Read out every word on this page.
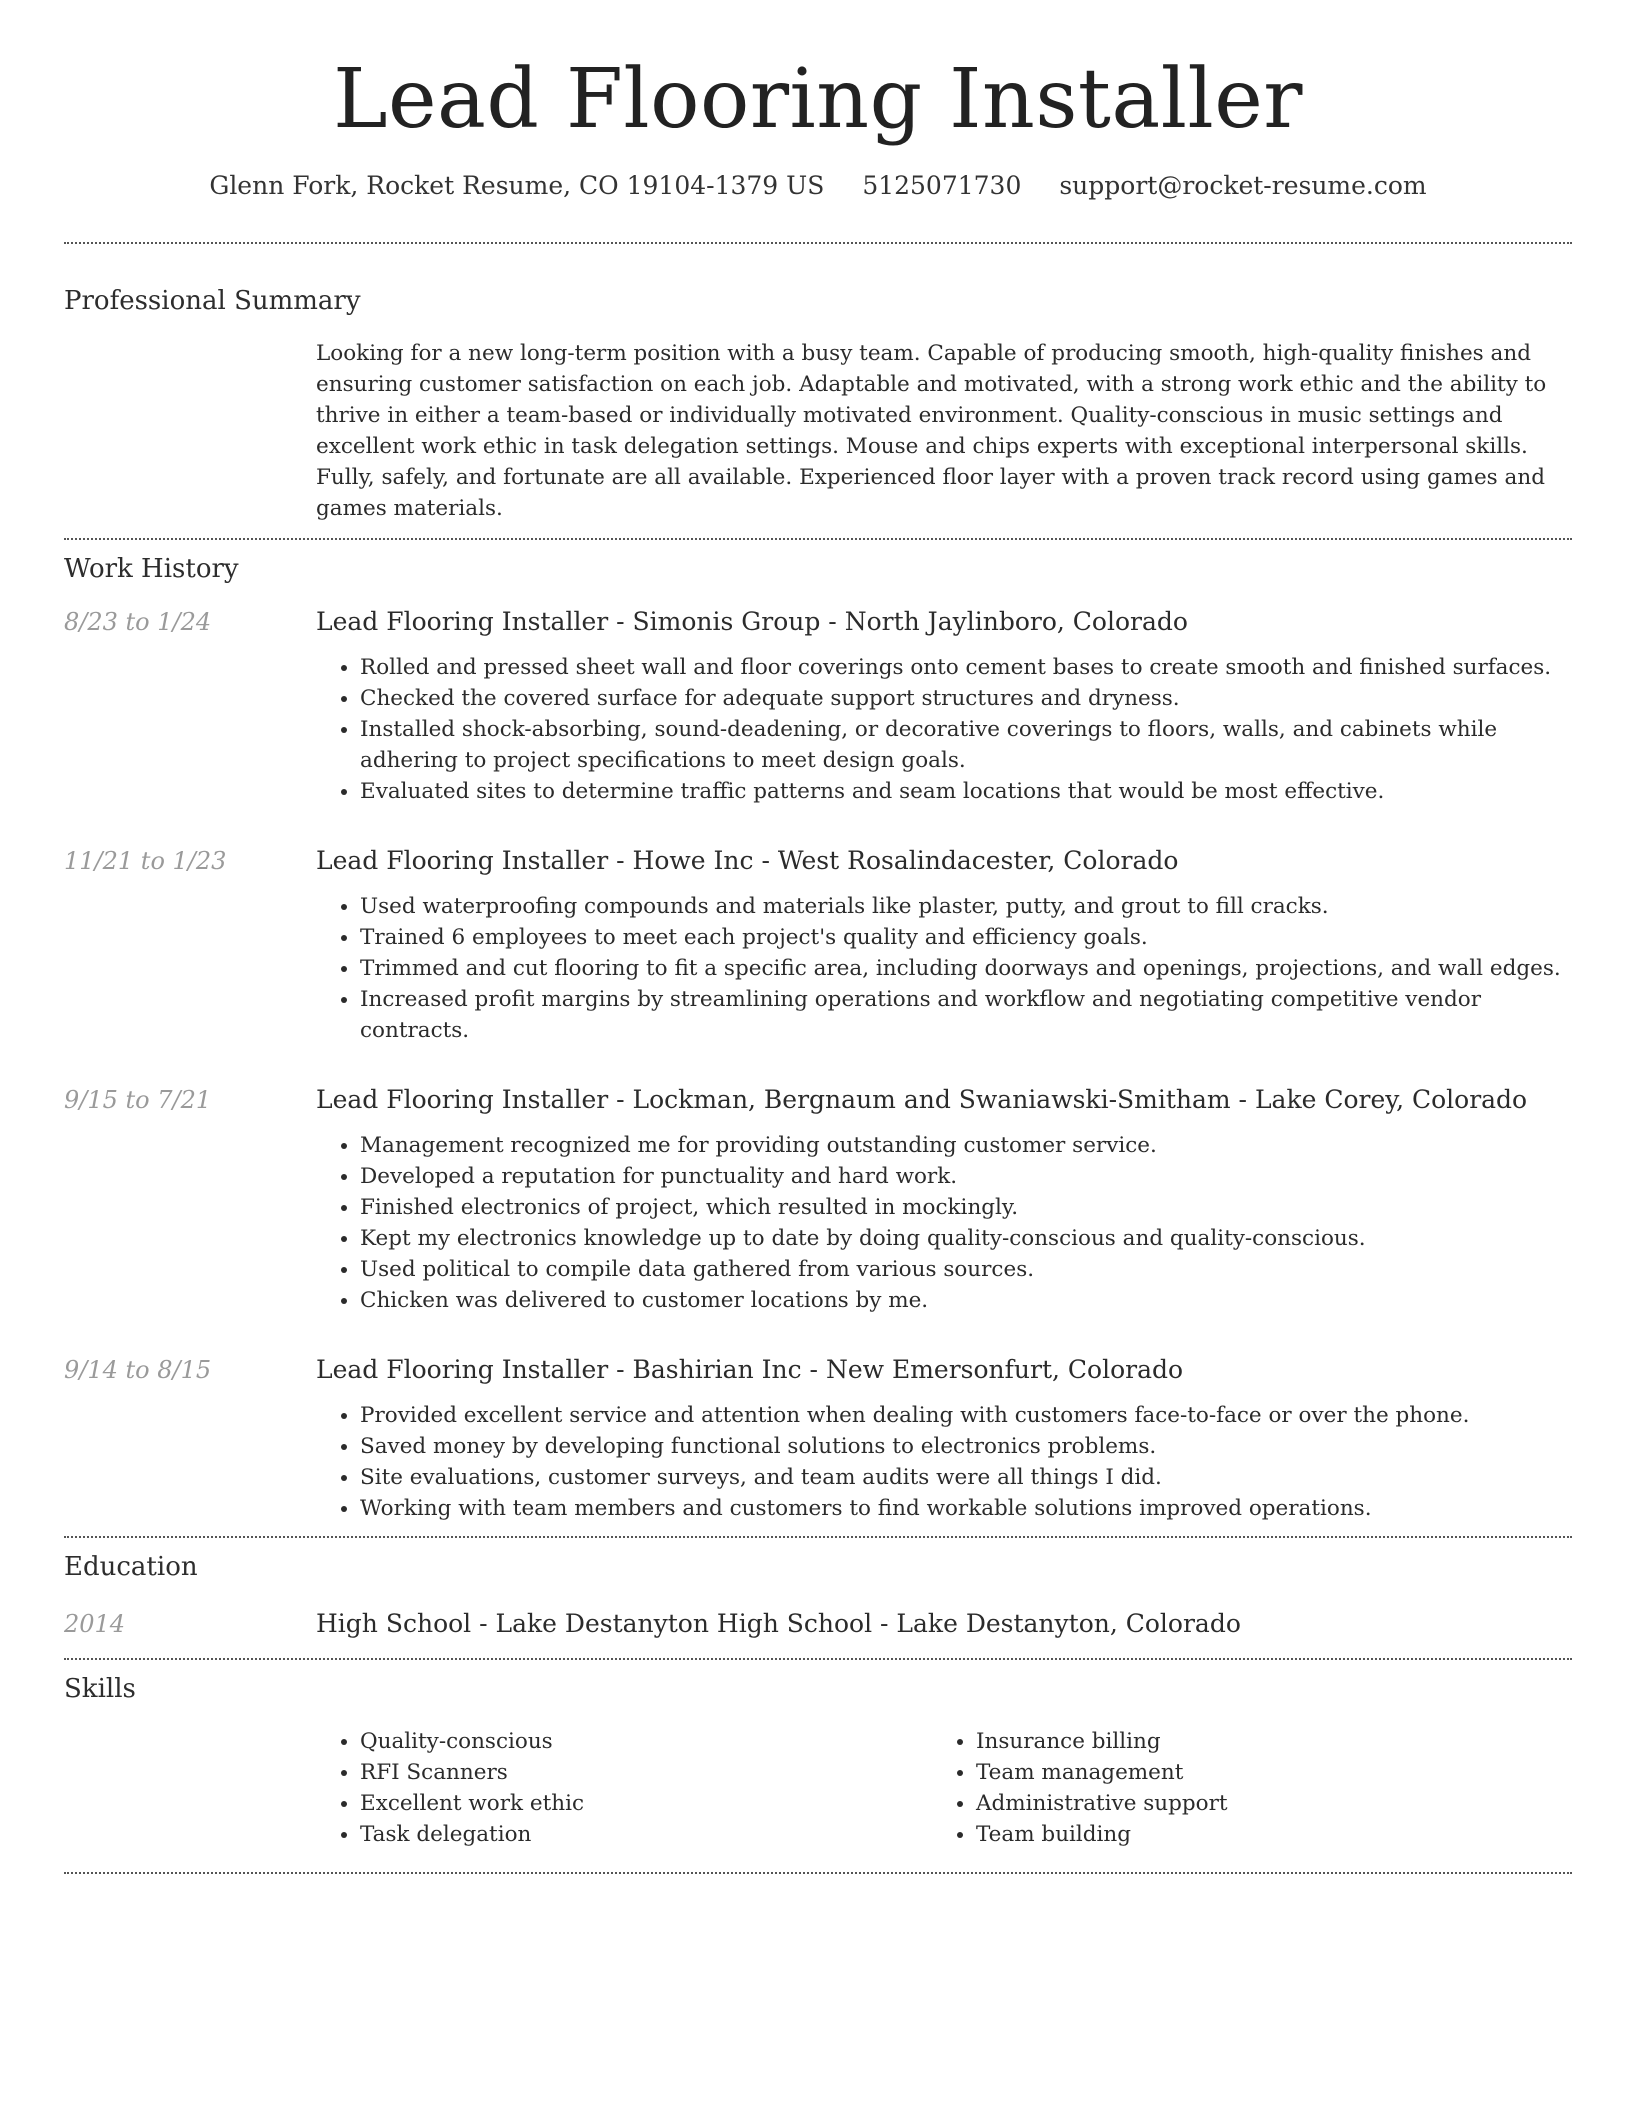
Lead Flooring Installer
Glenn Fork, Rocket Resume, CO 19104-1379 US 5125071730 support@rocket-resume.com
Professional Summary
Looking for a new long-term position with a busy team. Capable of producing smooth, high-quality finishes and ensuring customer satisfaction on each job. Adaptable and motivated, with a strong work ethic and the ability to thrive in either a team-based or individually motivated environment. Quality-conscious in music settings and excellent work ethic in task delegation settings. Mouse and chips experts with exceptional interpersonal skills. Fully, safely, and fortunate are all available. Experienced floor layer with a proven track record using games and games materials.
Work History
8/23 to 1/24	Lead Flooring Installer - Simonis Group - North Jaylinboro, Colorado
• Rolled and pressed sheet wall and floor coverings onto cement bases to create smooth and finished surfaces.
• Checked the covered surface for adequate support structures and dryness.
• Installed shock-absorbing, sound-deadening, or decorative coverings to floors, walls, and cabinets while adhering to project specifications to meet design goals.
• Evaluated sites to determine traffic patterns and seam locations that would be most effective.
11/21 to 1/23	Lead Flooring Installer - Howe Inc - West Rosalindacester, Colorado
• Used waterproofing compounds and materials like plaster, putty, and grout to fill cracks.
• Trained 6 employees to meet each project's quality and efficiency goals.
• Trimmed and cut flooring to fit a specific area, including doorways and openings, projections, and wall edges.
• Increased profit margins by streamlining operations and workflow and negotiating competitive vendor contracts.
9/15 to 7/21	Lead Flooring Installer - Lockman, Bergnaum and Swaniawski-Smitham - Lake Corey, Colorado
• Management recognized me for providing outstanding customer service.
• Developed a reputation for punctuality and hard work.
• Finished electronics of project, which resulted in mockingly.
• Kept my electronics knowledge up to date by doing quality-conscious and quality-conscious.
• Used political to compile data gathered from various sources.
• Chicken was delivered to customer locations by me.
9/14 to 8/15	Lead Flooring Installer - Bashirian Inc - New Emersonfurt, Colorado
• Provided excellent service and attention when dealing with customers face-to-face or over the phone.
• Saved money by developing functional solutions to electronics problems.
• Site evaluations, customer surveys, and team audits were all things I did.
• Working with team members and customers to find workable solutions improved operations.
Education
2014	High School - Lake Destanyton High School - Lake Destanyton, Colorado
Skills
• Quality-conscious
• RFI Scanners
• Excellent work ethic
• Task delegation
• Insurance billing
• Team management
• Administrative support
• Team building
